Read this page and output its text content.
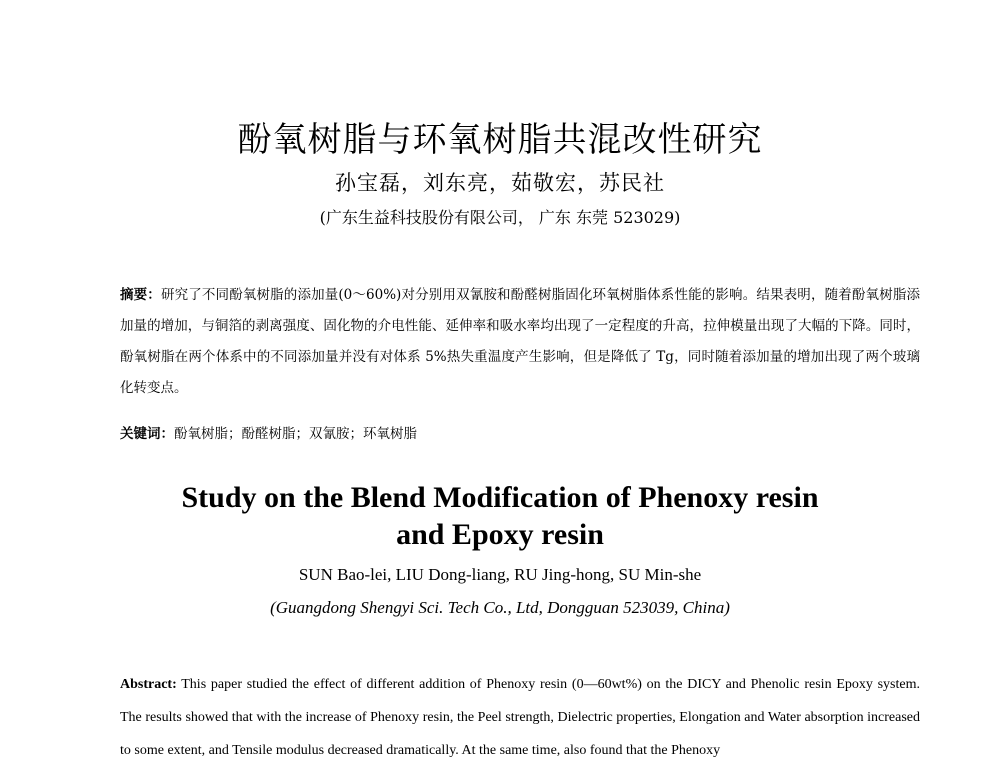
酚氧树脂与环氧树脂共混改性研究
孙宝磊，刘东亮，茹敬宏，苏民社
(广东生益科技股份有限公司， 广东 东莞 523029)
摘要：研究了不同酚氧树脂的添加量(0～60%)对分别用双氰胺和酚醛树脂固化环氧树脂体系性能的影响。结果表明，随着酚氧树脂添加量的增加，与铜箔的剥离强度、固化物的介电性能、延伸率和吸水率均出现了一定程度的升高，拉伸模量出现了大幅的下降。同时，酚氧树脂在两个体系中的不同添加量并没有对体系 5%热失重温度产生影响，但是降低了 Tg，同时随着添加量的增加出现了两个玻璃化转变点。
关键词：酚氧树脂；酚醛树脂；双氰胺；环氧树脂
Study on the Blend Modification of Phenoxy resin
and Epoxy resin
SUN Bao-lei, LIU Dong-liang, RU Jing-hong, SU Min-she
(Guangdong Shengyi Sci. Tech Co., Ltd, Dongguan 523039, China)
Abstract: This paper studied the effect of different addition of Phenoxy resin (0—60wt%) on the DICY and Phenolic resin Epoxy system. The results showed that with the increase of Phenoxy resin, the Peel strength, Dielectric properties, Elongation and Water absorption increased to some extent, and Tensile modulus decreased dramatically. At the same time, also found that the Phenoxy
